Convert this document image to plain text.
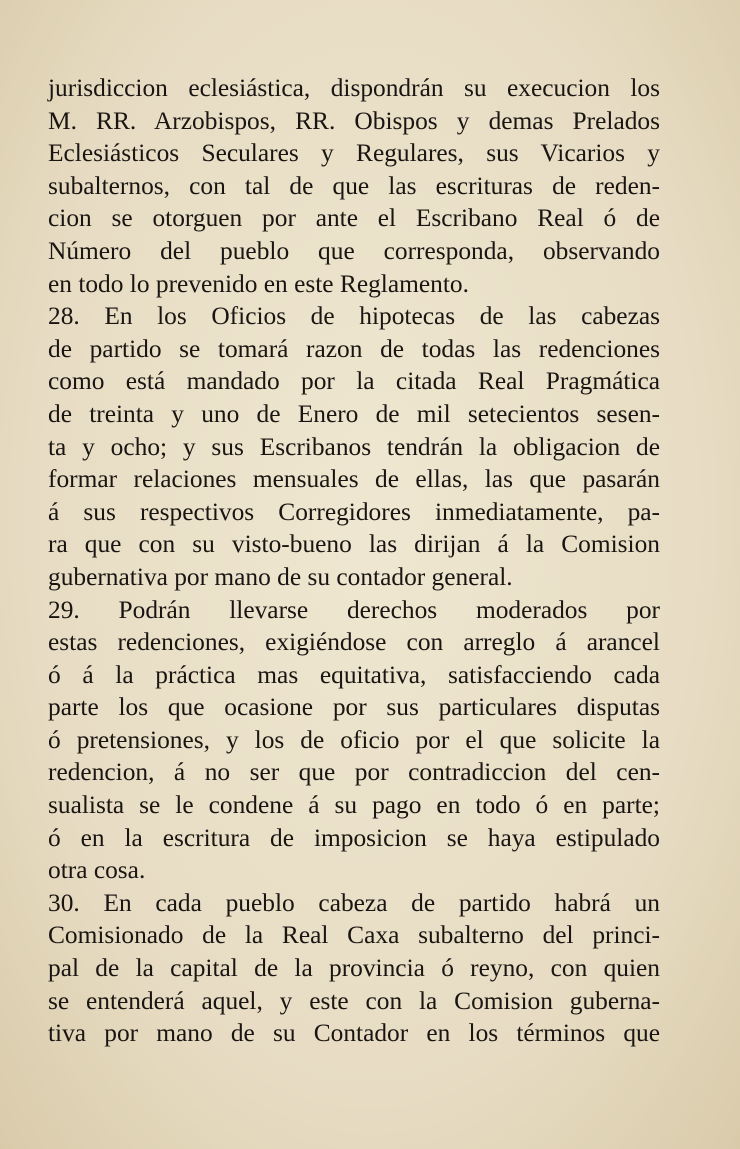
jurisdiccion eclesiástica, dispondrán su execucion los
M. RR. Arzobispos, RR. Obispos y demas Prelados
Eclesiásticos Seculares y Regulares, sus Vicarios y
subalternos, con tal de que las escrituras de reden-
cion se otorguen por ante el Escribano Real ó de
Número del pueblo que corresponda, observando
en todo lo prevenido en este Reglamento.
28. En los Oficios de hipotecas de las cabezas
de partido se tomará razon de todas las redenciones
como está mandado por la citada Real Pragmática
de treinta y uno de Enero de mil setecientos sesen-
ta y ocho; y sus Escribanos tendrán la obligacion de
formar relaciones mensuales de ellas, las que pasarán
á sus respectivos Corregidores inmediatamente, pa-
ra que con su visto-bueno las dirijan á la Comision
gubernativa por mano de su contador general.
29. Podrán llevarse derechos moderados por
estas redenciones, exigiéndose con arreglo á arancel
ó á la práctica mas equitativa, satisfacciendo cada
parte los que ocasione por sus particulares disputas
ó pretensiones, y los de oficio por el que solicite la
redencion, á no ser que por contradiccion del cen-
sualista se le condene á su pago en todo ó en parte;
ó en la escritura de imposicion se haya estipulado
otra cosa.
30. En cada pueblo cabeza de partido habrá un
Comisionado de la Real Caxa subalterno del princi-
pal de la capital de la provincia ó reyno, con quien
se entenderá aquel, y este con la Comision guberna-
tiva por mano de su Contador en los términos que
